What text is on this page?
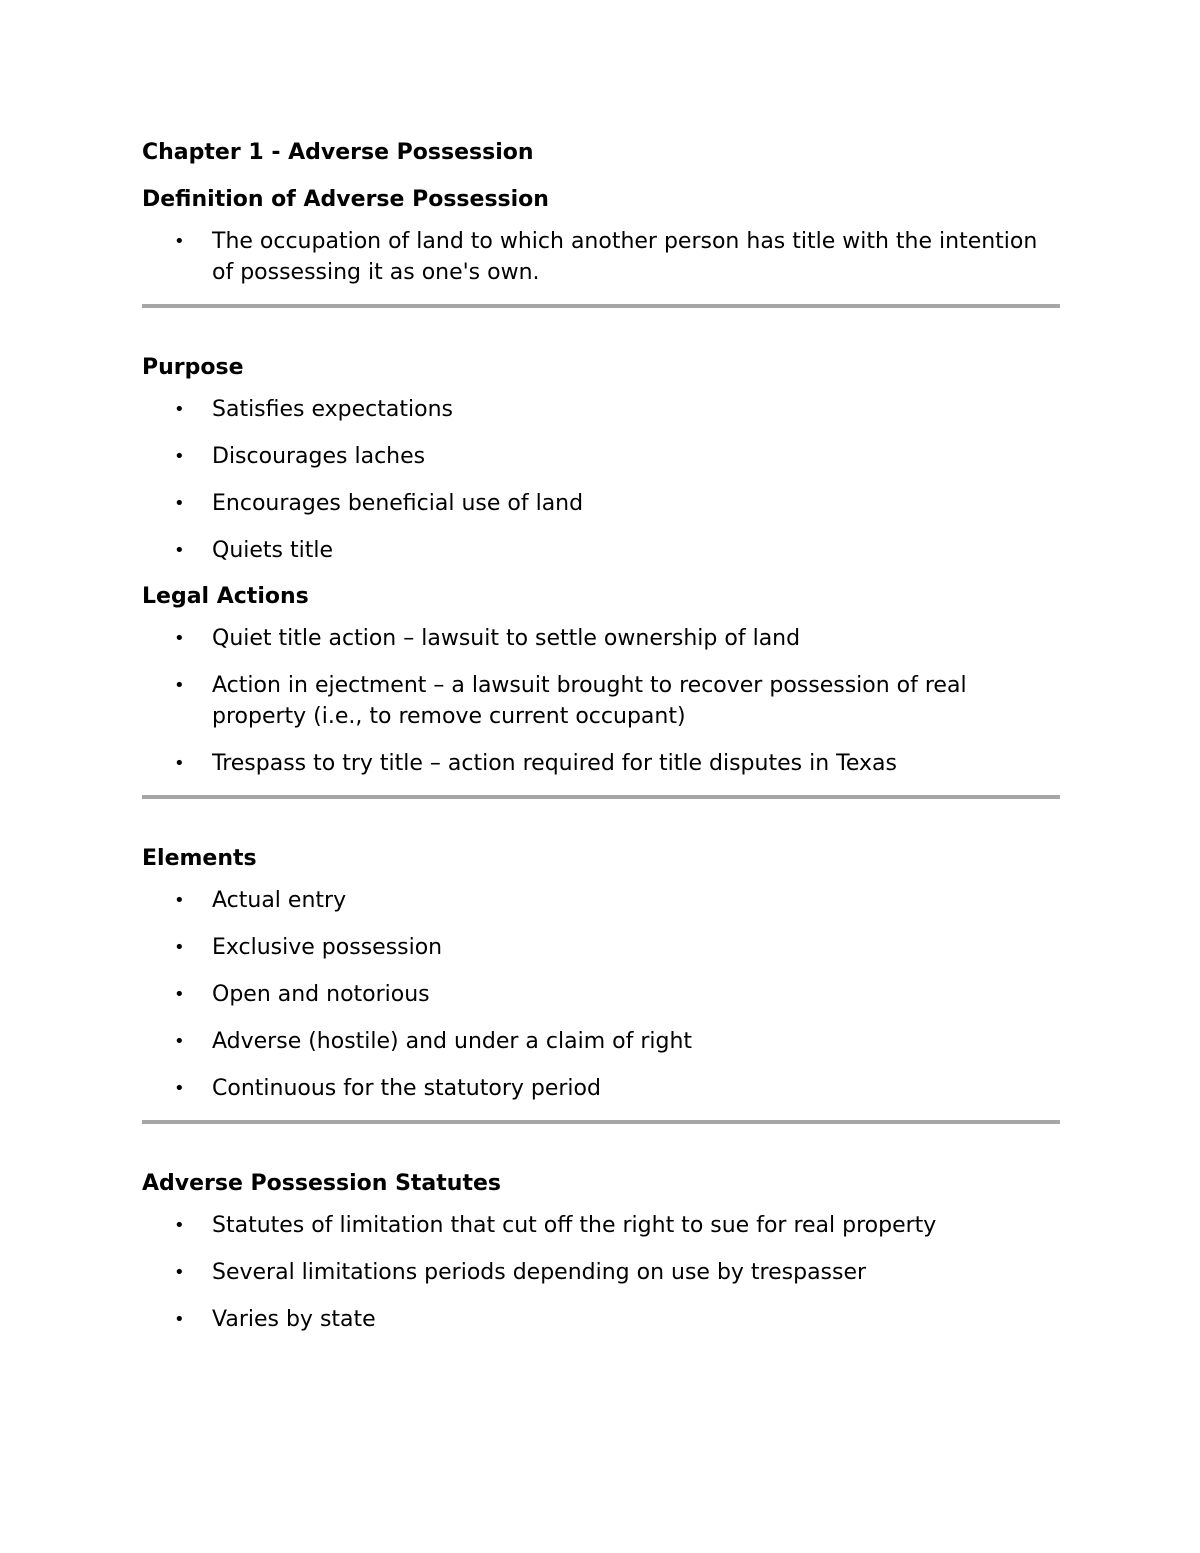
Chapter 1 - Adverse Possession
Definition of Adverse Possession
• The occupation of land to which another person has title with the intention of possessing it as one's own.
Purpose
• Satisfies expectations
• Discourages laches
• Encourages beneficial use of land
• Quiets title
Legal Actions
• Quiet title action – lawsuit to settle ownership of land
• Action in ejectment – a lawsuit brought to recover possession of real property (i.e., to remove current occupant)
• Trespass to try title – action required for title disputes in Texas
Elements
• Actual entry
• Exclusive possession
• Open and notorious
• Adverse (hostile) and under a claim of right
• Continuous for the statutory period
Adverse Possession Statutes
• Statutes of limitation that cut off the right to sue for real property
• Several limitations periods depending on use by trespasser
• Varies by state
